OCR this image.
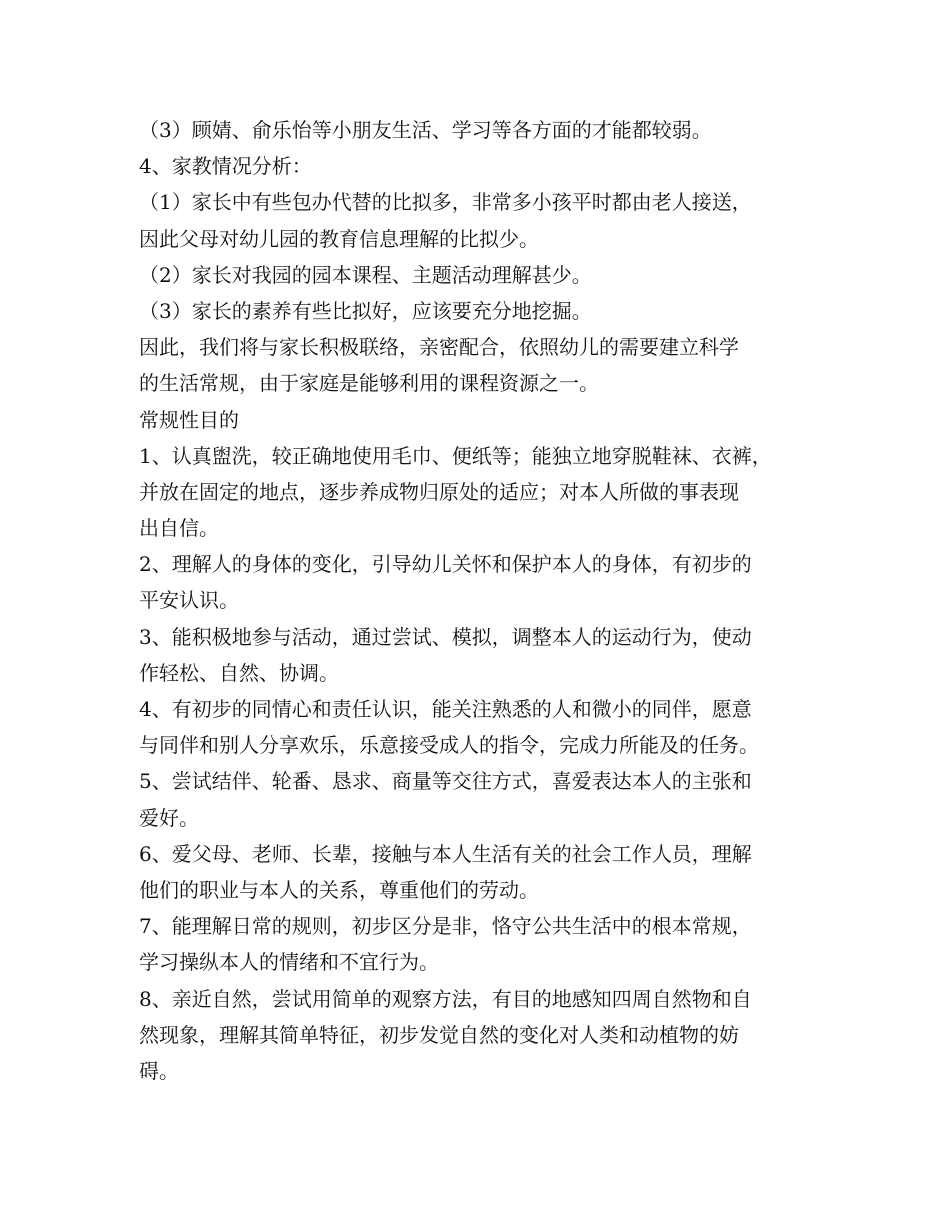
（3）顾婧、俞乐怡等小朋友生活、学习等各方面的才能都较弱。
4、家教情况分析：
（1）家长中有些包办代替的比拟多，非常多小孩平时都由老人接送，
因此父母对幼儿园的教育信息理解的比拟少。
（2）家长对我园的园本课程、主题活动理解甚少。
（3）家长的素养有些比拟好，应该要充分地挖掘。
因此，我们将与家长积极联络，亲密配合，依照幼儿的需要建立科学
的生活常规，由于家庭是能够利用的课程资源之一。
常规性目的
1、认真盥洗，较正确地使用毛巾、便纸等；能独立地穿脱鞋袜、衣裤，
并放在固定的地点，逐步养成物归原处的适应；对本人所做的事表现
出自信。
2、理解人的身体的变化，引导幼儿关怀和保护本人的身体，有初步的
平安认识。
3、能积极地参与活动，通过尝试、模拟，调整本人的运动行为，使动
作轻松、自然、协调。
4、有初步的同情心和责任认识，能关注熟悉的人和微小的同伴，愿意
与同伴和别人分享欢乐，乐意接受成人的指令，完成力所能及的任务。
5、尝试结伴、轮番、恳求、商量等交往方式，喜爱表达本人的主张和
爱好。
6、爱父母、老师、长辈，接触与本人生活有关的社会工作人员，理解
他们的职业与本人的关系，尊重他们的劳动。
7、能理解日常的规则，初步区分是非，恪守公共生活中的根本常规，
学习操纵本人的情绪和不宜行为。
8、亲近自然，尝试用简单的观察方法，有目的地感知四周自然物和自
然现象，理解其简单特征，初步发觉自然的变化对人类和动植物的妨
碍。
